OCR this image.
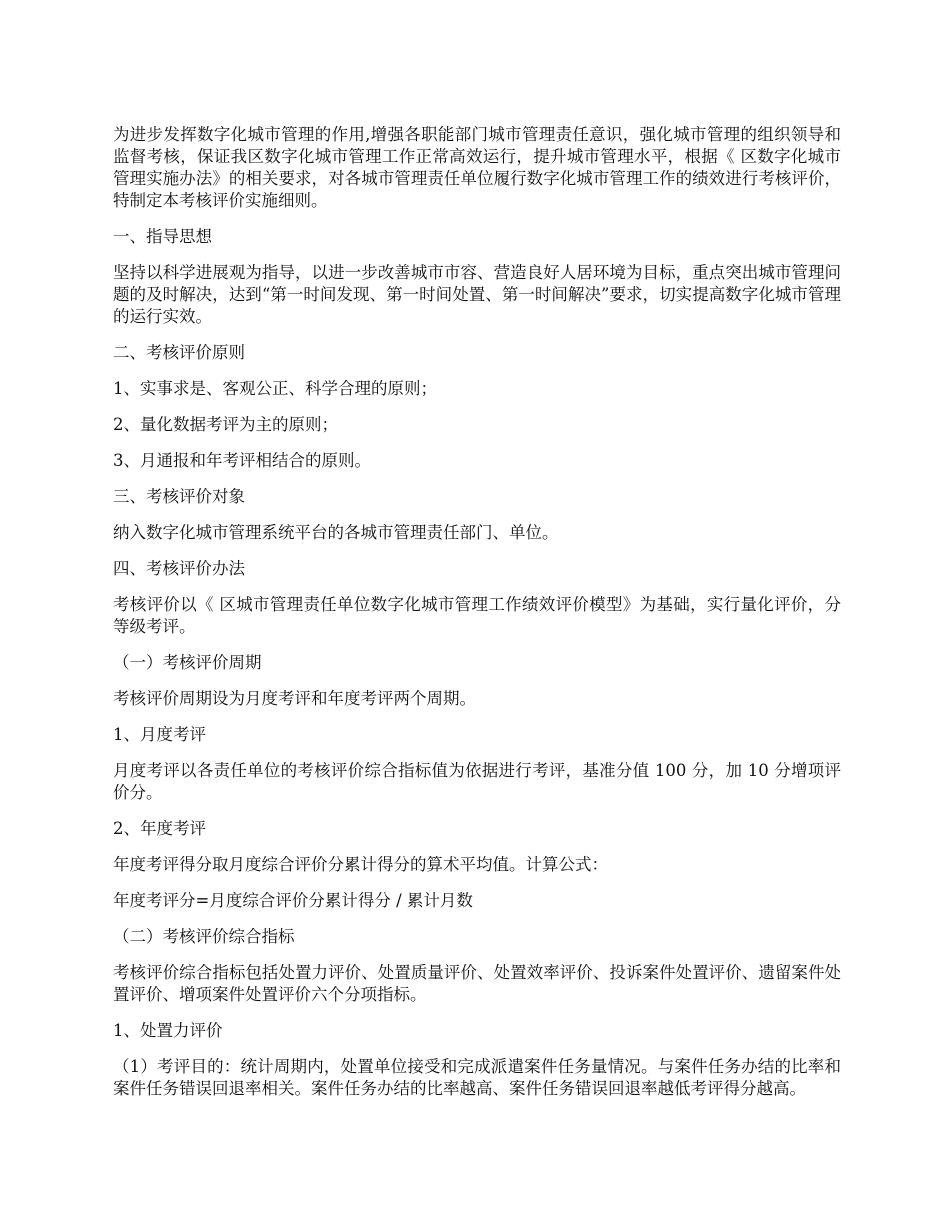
为进步发挥数字化城市管理的作用,增强各职能部门城市管理责任意识，强化城市管理的组织领导和监督考核，保证我区数字化城市管理工作正常高效运行，提升城市管理水平，根据《 区数字化城市管理实施办法》的相关要求，对各城市管理责任单位履行数字化城市管理工作的绩效进行考核评价，特制定本考核评价实施细则。

一、指导思想

坚持以科学进展观为指导，以进一步改善城市市容、营造良好人居环境为目标，重点突出城市管理问题的及时解决，达到“第一时间发现、第一时间处置、第一时间解决”要求，切实提高数字化城市管理的运行实效。

二、考核评价原则

1、实事求是、客观公正、科学合理的原则；

2、量化数据考评为主的原则；

3、月通报和年考评相结合的原则。

三、考核评价对象

纳入数字化城市管理系统平台的各城市管理责任部门、单位。

四、考核评价办法

考核评价以《 区城市管理责任单位数字化城市管理工作绩效评价模型》为基础，实行量化评价，分等级考评。

（一）考核评价周期

考核评价周期设为月度考评和年度考评两个周期。

1、月度考评

月度考评以各责任单位的考核评价综合指标值为依据进行考评，基准分值 100 分，加 10 分增项评价分。

2、年度考评

年度考评得分取月度综合评价分累计得分的算术平均值。计算公式：

年度考评分=月度综合评价分累计得分 / 累计月数

（二）考核评价综合指标

考核评价综合指标包括处置力评价、处置质量评价、处置效率评价、投诉案件处置评价、遗留案件处置评价、增项案件处置评价六个分项指标。

1、处置力评价

（1）考评目的：统计周期内，处置单位接受和完成派遣案件任务量情况。与案件任务办结的比率和案件任务错误回退率相关。案件任务办结的比率越高、案件任务错误回退率越低考评得分越高。
